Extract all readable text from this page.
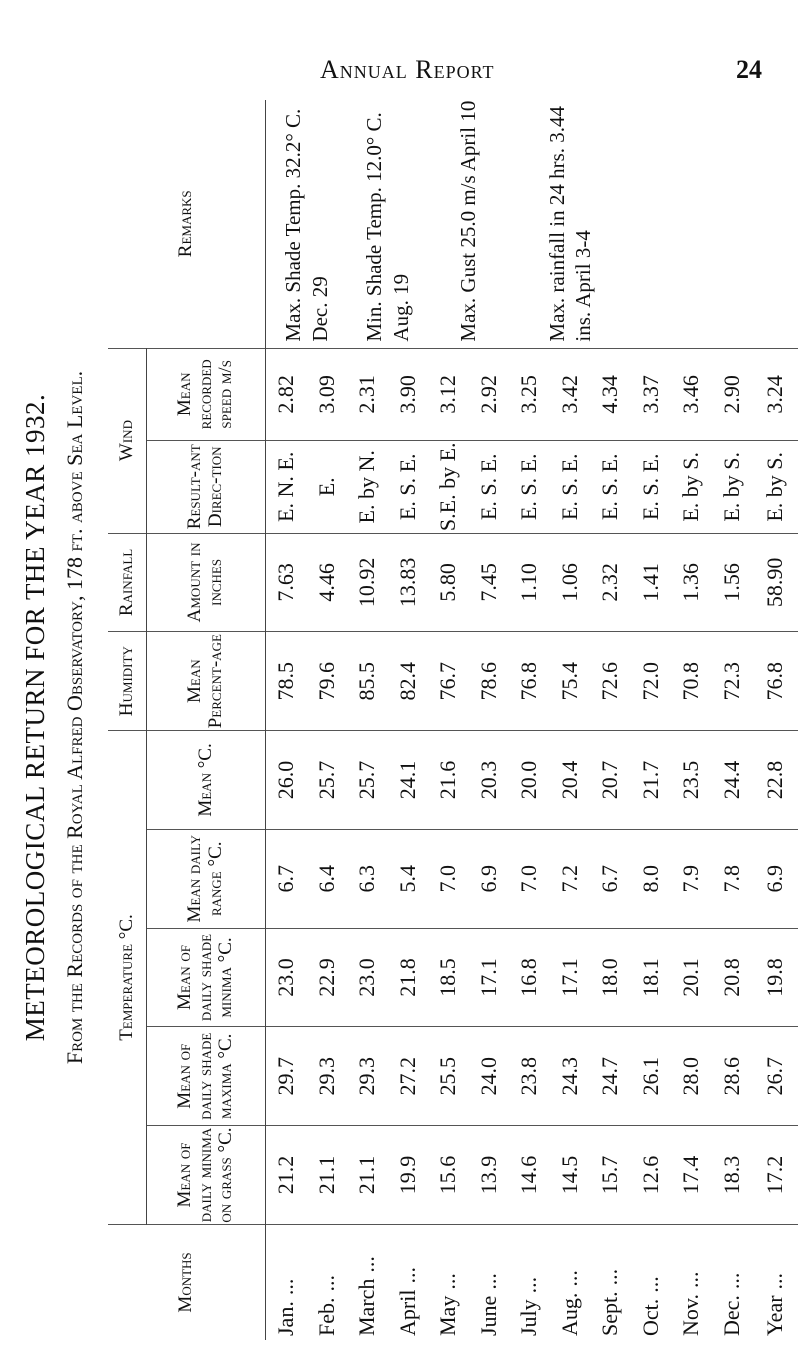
Annual Report	24
METEOROLOGICAL RETURN FOR THE YEAR 1932. From the Records of the Royal Alfred Observatory, 178 ft. above Sea Level.
Months	Temperature °C.					Humidity	Rainfall	Wind		Remarks
	Mean of daily minima on grass °C.	Mean of daily shade maxima °C.	Mean of daily shade minima °C.	Mean daily range °C.	Mean °C.	Mean Percent-age	Amount in inches	Result-ant Direc-tion	Mean recorded speed m/s	
Jan....	21.2	29.7	23.0	6.7	26.0	78.5	7.63	E. N. E.	2.82	Max. Shade Temp. 32.2° C. Dec. 29
Feb....	21.1	29.3	22.9	6.4	25.7	79.6	4.46	E.	3.09	
March...	21.1	29.3	23.0	6.3	25.7	85.5	10.92	E. by N.	2.31	Min. Shade Temp. 12.0° C. Aug. 19
April...	19.9	27.2	21.8	5.4	24.1	82.4	13.83	E. S. E.	3.90	
May...	15.6	25.5	18.5	7.0	21.6	76.7	5.80	S.E. by E.	3.12	Max. Gust 25.0 m/s April 10
June...	13.9	24.0	17.1	6.9	20.3	78.6	7.45	E. S. E.	2.92	
July...	14.6	23.8	16.8	7.0	20.0	76.8	1.10	E. S. E.	3.25	Max. rainfall in 24 hrs. 3.44 ins. April 3-4
Aug....	14.5	24.3	17.1	7.2	20.4	75.4	1.06	E. S. E.	3.42	
Sept....	15.7	24.7	18.0	6.7	20.7	72.6	2.32	E. S. E.	4.34	
Oct....	12.6	26.1	18.1	8.0	21.7	72.0	1.41	E. S. E.	3.37	
Nov....	17.4	28.0	20.1	7.9	23.5	70.8	1.36	E. by S.	3.46	
Dec....	18.3	28.6	20.8	7.8	24.4	72.3	1.56	E. by S.	2.90	
Year...	17.2	26.7	19.8	6.9	22.8	76.8	58.90	E. by S.	3.24	
